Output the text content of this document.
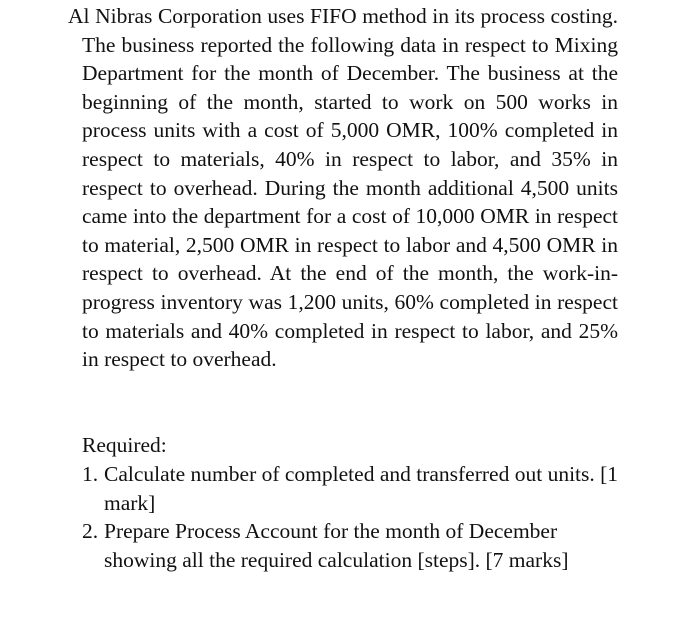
Al Nibras Corporation uses FIFO method in its process costing. The business reported the following data in respect to Mixing Department for the month of December. The business at the beginning of the month, started to work on 500 works in process units with a cost of 5,000 OMR, 100% completed in respect to materials, 40% in respect to labor, and 35% in respect to overhead. During the month additional 4,500 units came into the department for a cost of 10,000 OMR in respect to material, 2,500 OMR in respect to labor and 4,500 OMR in respect to overhead. At the end of the month, the work-in-progress inventory was 1,200 units, 60% completed in respect to materials and 40% completed in respect to labor, and 25% in respect to overhead.

Required:

1. Calculate number of completed and transferred out units. [1 mark]
2. Prepare Process Account for the month of December showing all the required calculation [steps]. [7 marks]
